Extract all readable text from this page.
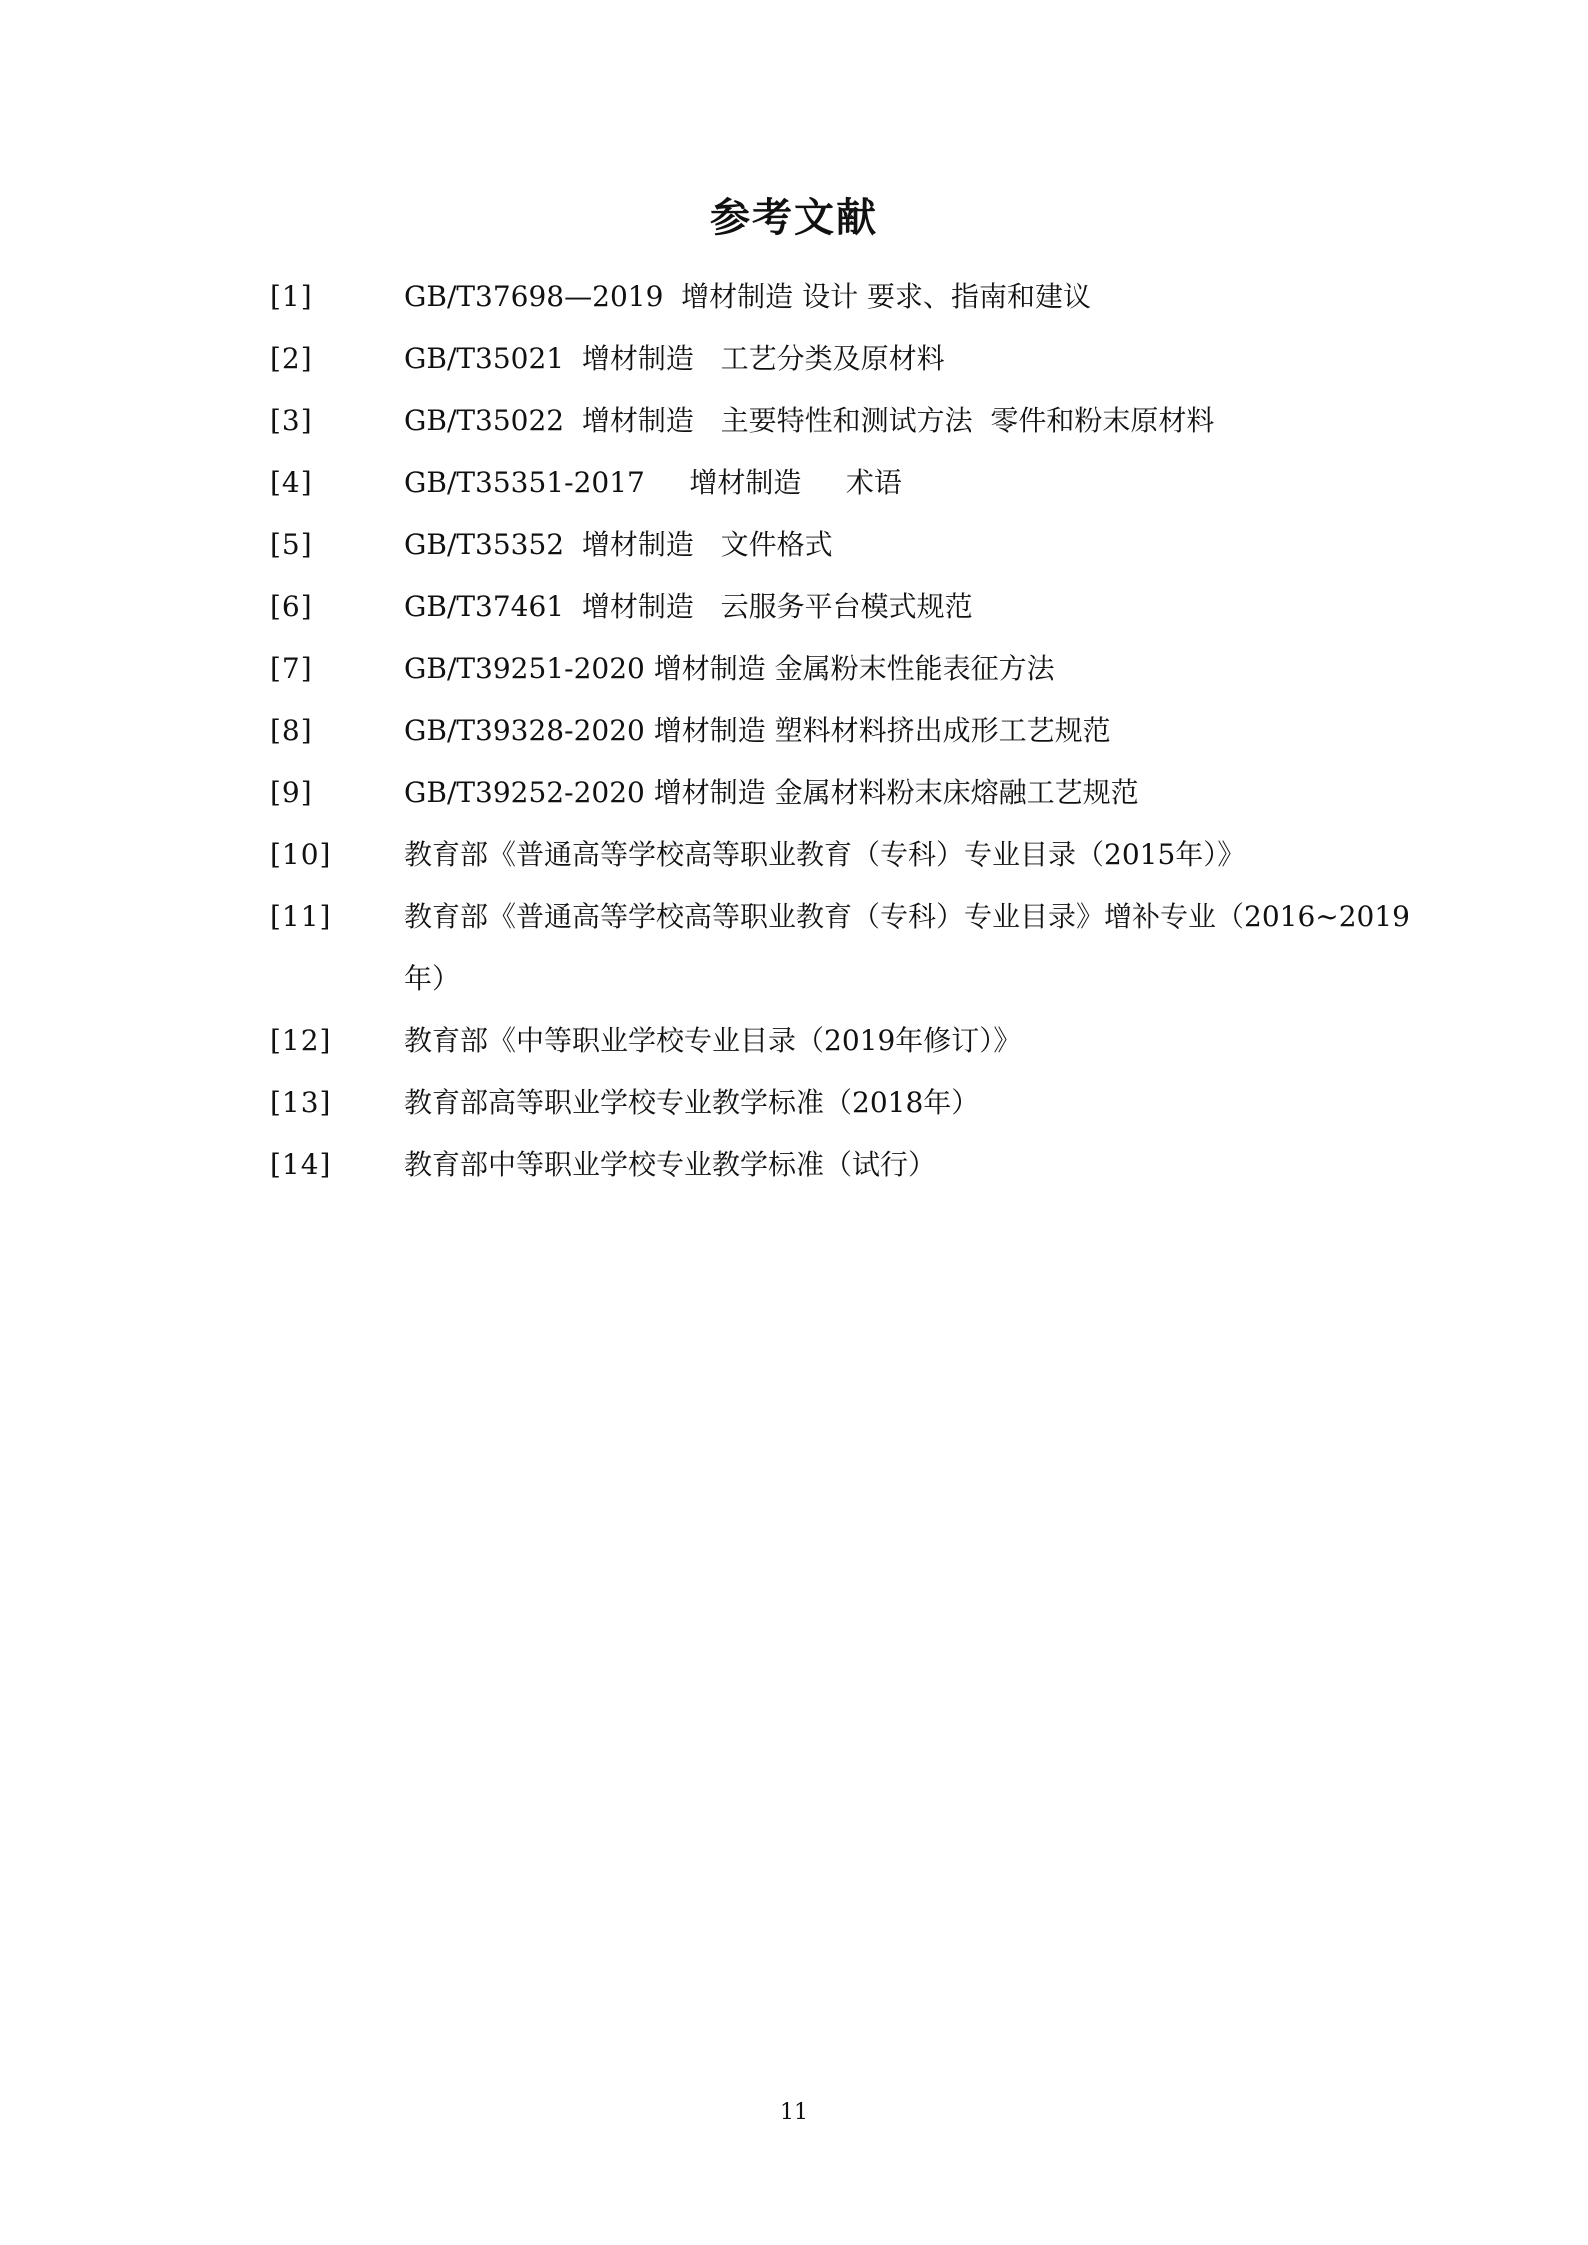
参考文献
[1]	GB/T37698—2019  增材制造 设计 要求、指南和建议
[2]	GB/T35021  增材制造   工艺分类及原材料
[3]	GB/T35022  增材制造   主要特性和测试方法  零件和粉末原材料
[4]	GB/T35351-2017     增材制造     术语
[5]	GB/T35352  增材制造   文件格式
[6]	GB/T37461  增材制造   云服务平台模式规范
[7]	GB/T39251-2020 增材制造 金属粉末性能表征方法
[8]	GB/T39328-2020 增材制造 塑料材料挤出成形工艺规范
[9]	GB/T39252-2020 增材制造 金属材料粉末床熔融工艺规范
[10]	教育部《普通高等学校高等职业教育（专科）专业目录（2015年）》
[11]	教育部《普通高等学校高等职业教育（专科）专业目录》增补专业（2016~2019年）
[12]	教育部《中等职业学校专业目录（2019年修订）》
[13]	教育部高等职业学校专业教学标准（2018年）
[14]	教育部中等职业学校专业教学标准（试行）
11
